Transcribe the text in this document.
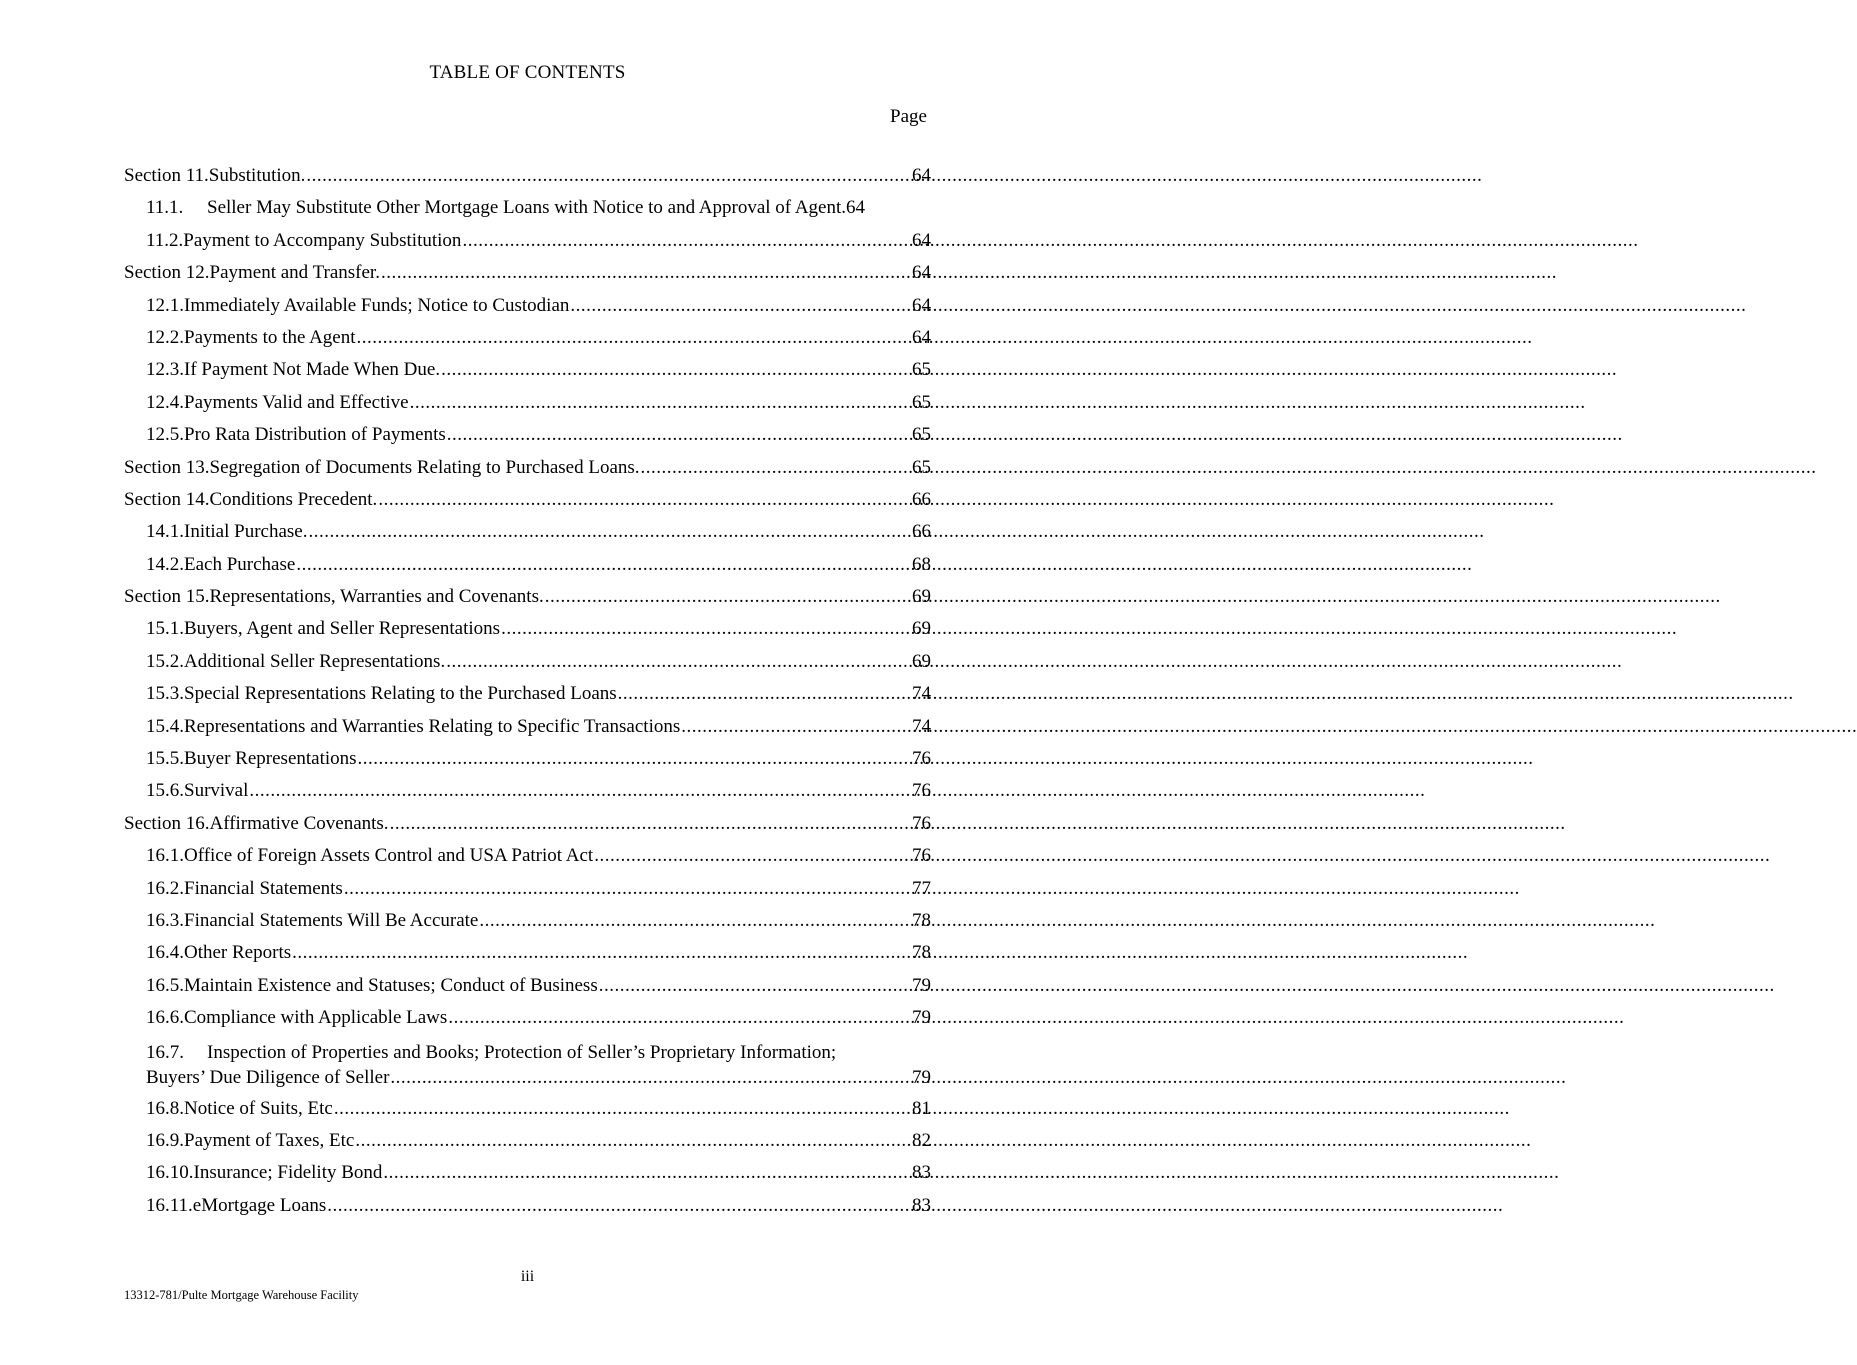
TABLE OF CONTENTS
Page
Section 11. Substitution. .....	64
11.1.	Seller May Substitute Other Mortgage Loans with Notice to and Approval of Agent. 64
11.2. Payment to Accompany Substitution .....	64
Section 12. Payment and Transfer. .....	64
12.1. Immediately Available Funds; Notice to Custodian .....	64
12.2. Payments to the Agent .....	64
12.3. If Payment Not Made When Due. .....	65
12.4. Payments Valid and Effective .....	65
12.5. Pro Rata Distribution of Payments .....	65
Section 13. Segregation of Documents Relating to Purchased Loans. .....	65
Section 14. Conditions Precedent. .....	66
14.1. Initial Purchase. .....	66
14.2. Each Purchase .....	68
Section 15. Representations, Warranties and Covenants. .....	69
15.1. Buyers, Agent and Seller Representations .....	69
15.2. Additional Seller Representations. .....	69
15.3. Special Representations Relating to the Purchased Loans .....	74
15.4. Representations and Warranties Relating to Specific Transactions .....	74
15.5. Buyer Representations .....	76
15.6. Survival .....	76
Section 16. Affirmative Covenants. .....	76
16.1. Office of Foreign Assets Control and USA Patriot Act .....	76
16.2. Financial Statements .....	77
16.3. Financial Statements Will Be Accurate .....	78
16.4. Other Reports .....	78
16.5. Maintain Existence and Statuses; Conduct of Business .....	79
16.6. Compliance with Applicable Laws .....	79
16.7. Inspection of Properties and Books; Protection of Seller’s Proprietary Information;
Buyers’ Due Diligence of Seller .....	79
16.8. Notice of Suits, Etc .....	81
16.9. Payment of Taxes, Etc .....	82
16.10. Insurance; Fidelity Bond .....	83
16.11. eMortgage Loans .....	83
iii
13312-781/Pulte Mortgage Warehouse Facility
